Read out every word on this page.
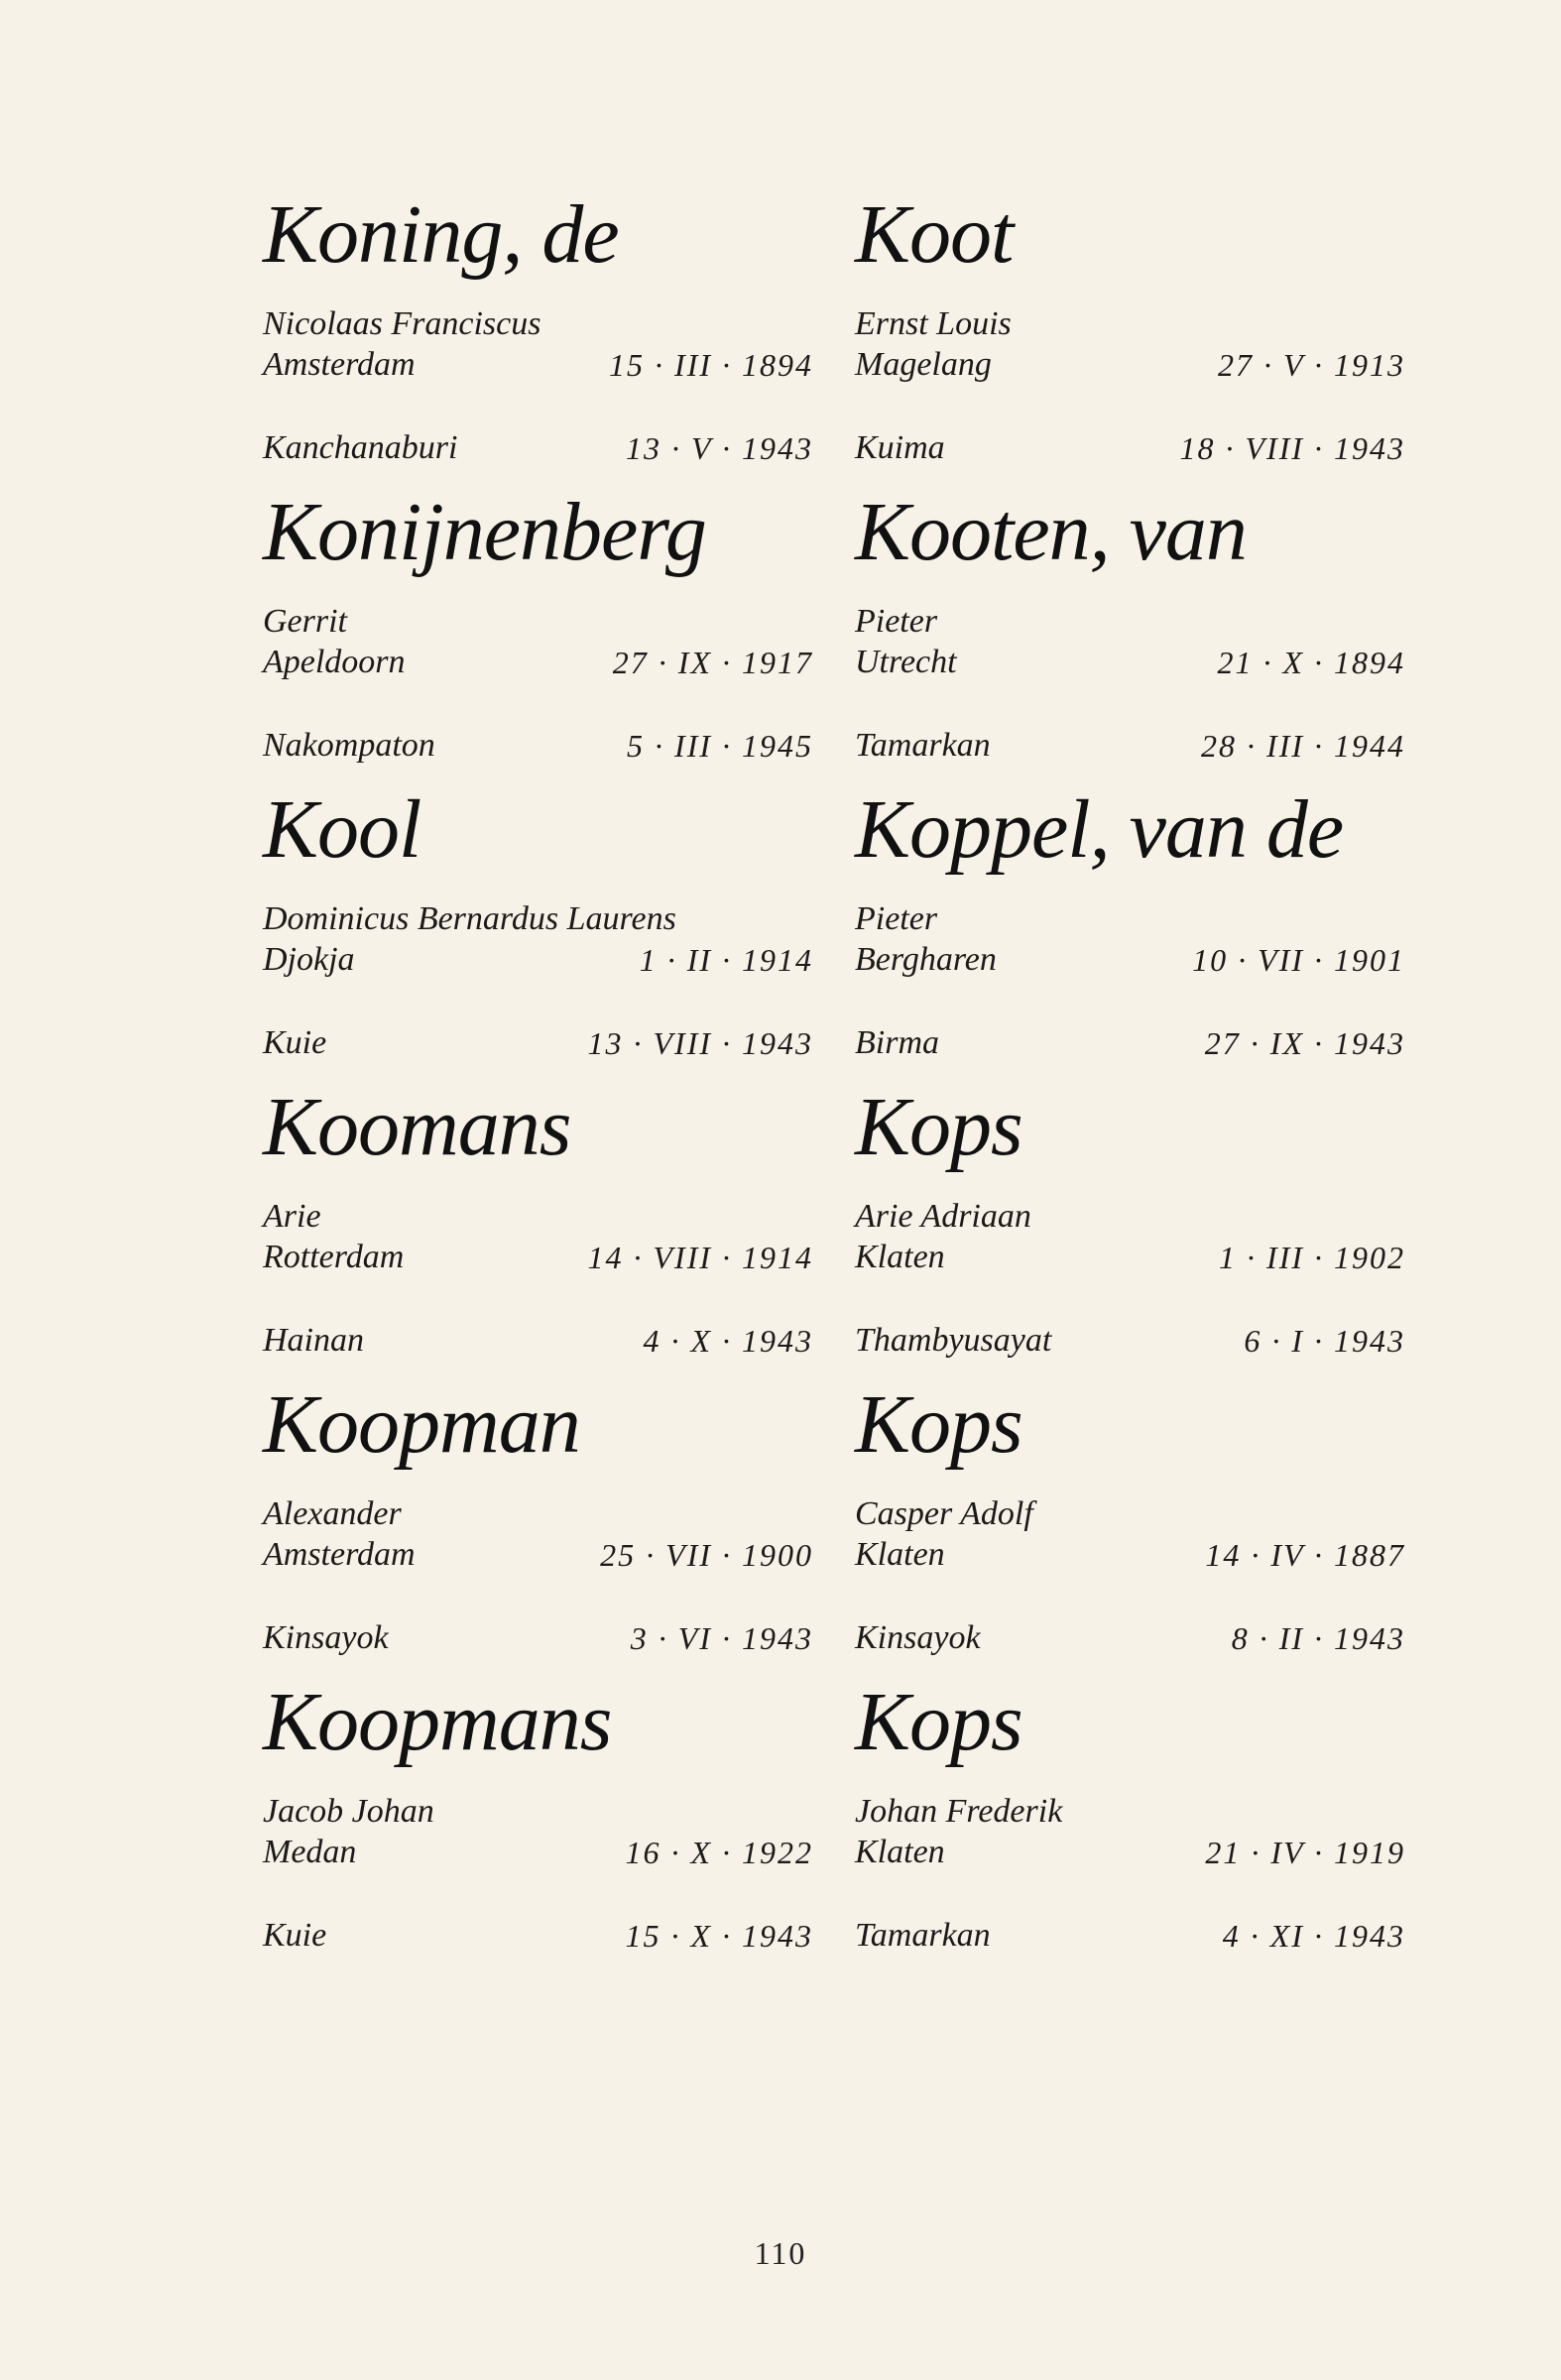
Koning, de
Nicolaas Franciscus
Amsterdam	15 · III · 1894
Kanchanaburi	13 · V · 1943
Konijnenberg
Gerrit
Apeldoorn	27 · IX · 1917
Nakompaton	5 · III · 1945
Kool
Dominicus Bernardus Laurens
Djokja	1 · II · 1914
Kuie	13 · VIII · 1943
Koomans
Arie
Rotterdam	14 · VIII · 1914
Hainan	4 · X · 1943
Koopman
Alexander
Amsterdam	25 · VII · 1900
Kinsayok	3 · VI · 1943
Koopmans
Jacob Johan
Medan	16 · X · 1922
Kuie	15 · X · 1943
Koot
Ernst Louis
Magelang	27 · V · 1913
Kuima	18 · VIII · 1943
Kooten, van
Pieter
Utrecht	21 · X · 1894
Tamarkan	28 · III · 1944
Koppel, van de
Pieter
Bergharen	10 · VII · 1901
Birma	27 · IX · 1943
Kops
Arie Adriaan
Klaten	1 · III · 1902
Thambyusayat	6 · I · 1943
Kops
Casper Adolf
Klaten	14 · IV · 1887
Kinsayok	8 · II · 1943
Kops
Johan Frederik
Klaten	21 · IV · 1919
Tamarkan	4 · XI · 1943
110
